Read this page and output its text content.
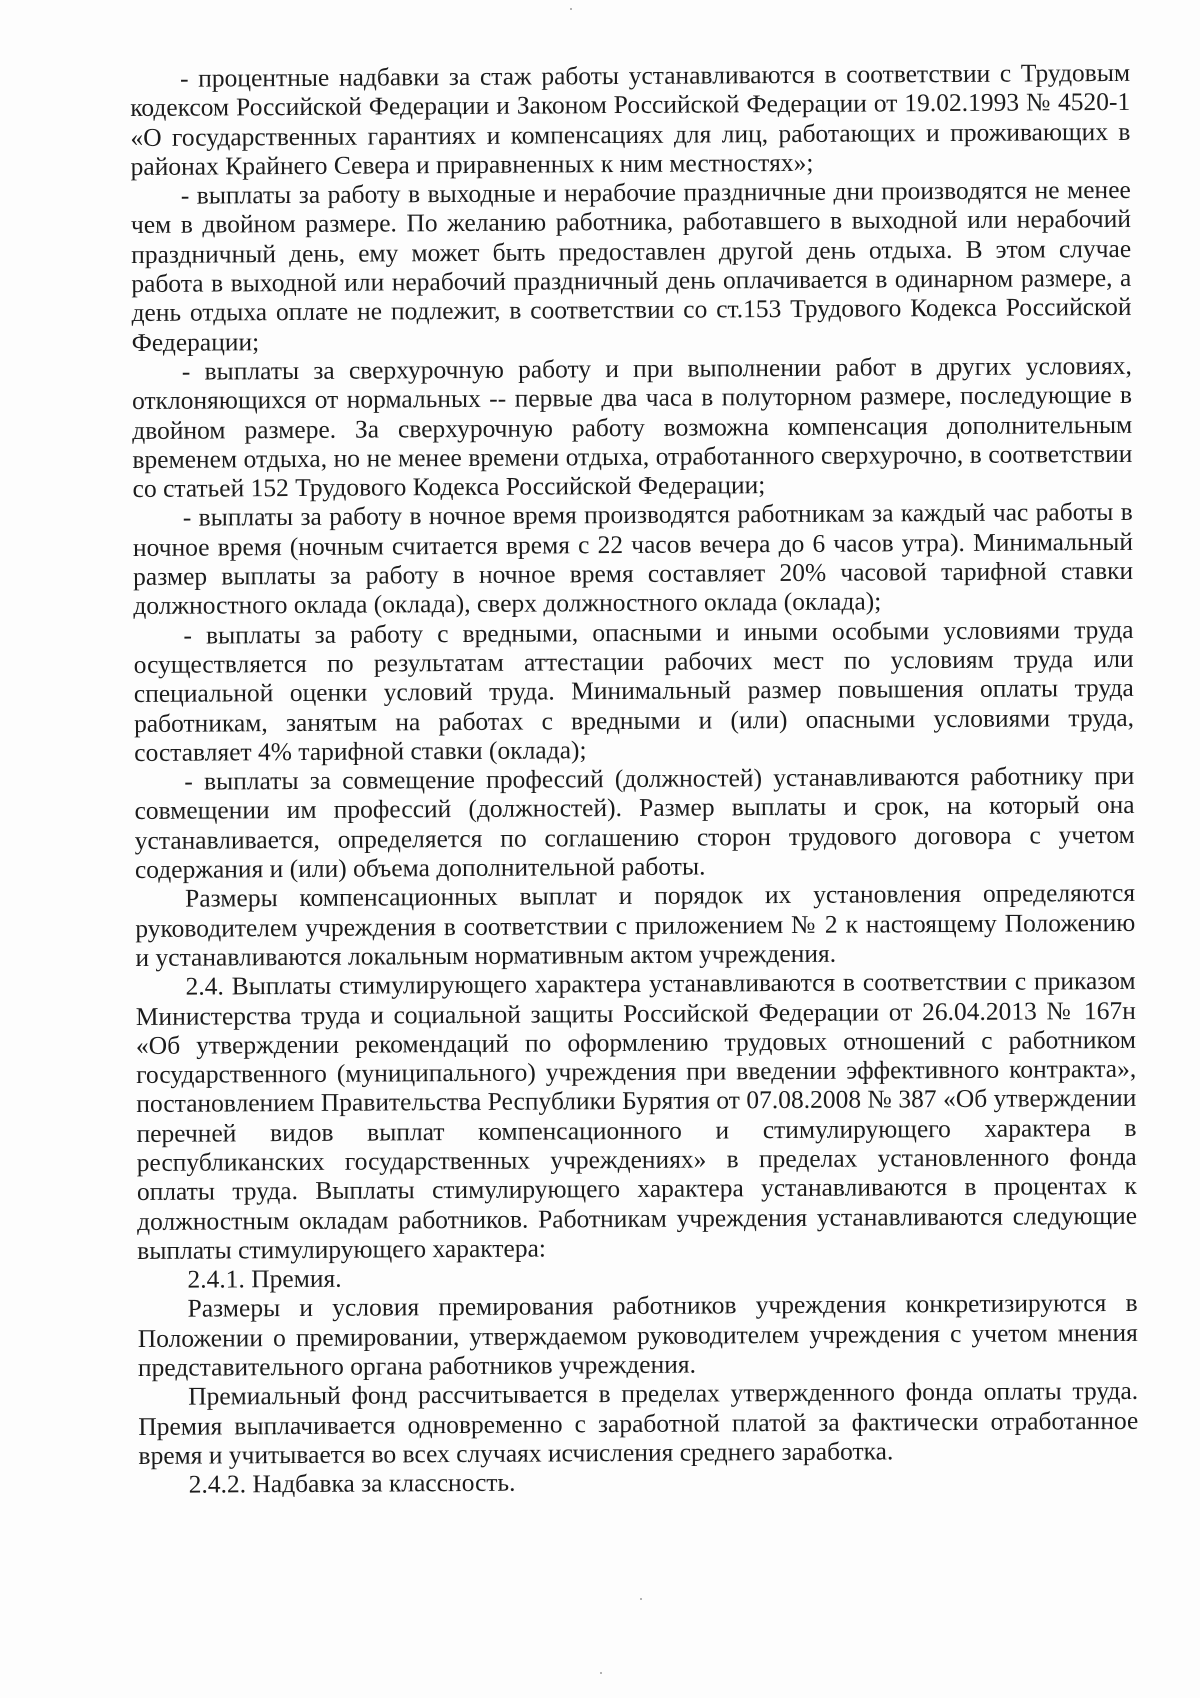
- процентные надбавки за стаж работы устанавливаются в соответствии с Трудовым кодексом Российской Федерации и Законом Российской Федерации от 19.02.1993 № 4520-1 «О государственных гарантиях и компенсациях для лиц, работающих и проживающих в районах Крайнего Севера и приравненных к ним местностях»;

- выплаты за работу в выходные и нерабочие праздничные дни производятся не менее чем в двойном размере. По желанию работника, работавшего в выходной или нерабочий праздничный день, ему может быть предоставлен другой день отдыха. В этом случае работа в выходной или нерабочий праздничный день оплачивается в одинарном размере, а день отдыха оплате не подлежит, в соответствии со ст.153 Трудового Кодекса Российской Федерации;

- выплаты за сверхурочную работу и при выполнении работ в других условиях, отклоняющихся от нормальных -- первые два часа в полуторном размере, последующие в двойном размере. За сверхурочную работу возможна компенсация дополнительным временем отдыха, но не менее времени отдыха, отработанного сверхурочно, в соответствии со статьей 152 Трудового Кодекса Российской Федерации;

- выплаты за работу в ночное время производятся работникам за каждый час работы в ночное время (ночным считается время с 22 часов вечера до 6 часов утра). Минимальный размер выплаты за работу в ночное время составляет 20% часовой тарифной ставки должностного оклада (оклада), сверх должностного оклада (оклада);

- выплаты за работу с вредными, опасными и иными особыми условиями труда осуществляется по результатам аттестации рабочих мест по условиям труда или специальной оценки условий труда. Минимальный размер повышения оплаты труда работникам, занятым на работах с вредными и (или) опасными условиями труда, составляет 4% тарифной ставки (оклада);

- выплаты за совмещение профессий (должностей) устанавливаются работнику при совмещении им профессий (должностей). Размер выплаты и срок, на который она устанавливается, определяется по соглашению сторон трудового договора с учетом содержания и (или) объема дополнительной работы.

Размеры компенсационных выплат и порядок их установления определяются руководителем учреждения в соответствии с приложением № 2 к настоящему Положению и устанавливаются локальным нормативным актом учреждения.

2.4. Выплаты стимулирующего характера устанавливаются в соответствии с приказом Министерства труда и социальной защиты Российской Федерации от 26.04.2013 № 167н «Об утверждении рекомендаций по оформлению трудовых отношений с работником государственного (муниципального) учреждения при введении эффективного контракта», постановлением Правительства Республики Бурятия от 07.08.2008 № 387 «Об утверждении перечней видов выплат компенсационного и стимулирующего характера в республиканских государственных учреждениях» в пределах установленного фонда оплаты труда. Выплаты стимулирующего характера устанавливаются в процентах к должностным окладам работников. Работникам учреждения устанавливаются следующие выплаты стимулирующего характера:

2.4.1. Премия.

Размеры и условия премирования работников учреждения конкретизируются в Положении о премировании, утверждаемом руководителем учреждения с учетом мнения представительного органа работников учреждения.

Премиальный фонд рассчитывается в пределах утвержденного фонда оплаты труда. Премия выплачивается одновременно с заработной платой за фактически отработанное время и учитывается во всех случаях исчисления среднего заработка.

2.4.2. Надбавка за классность.
